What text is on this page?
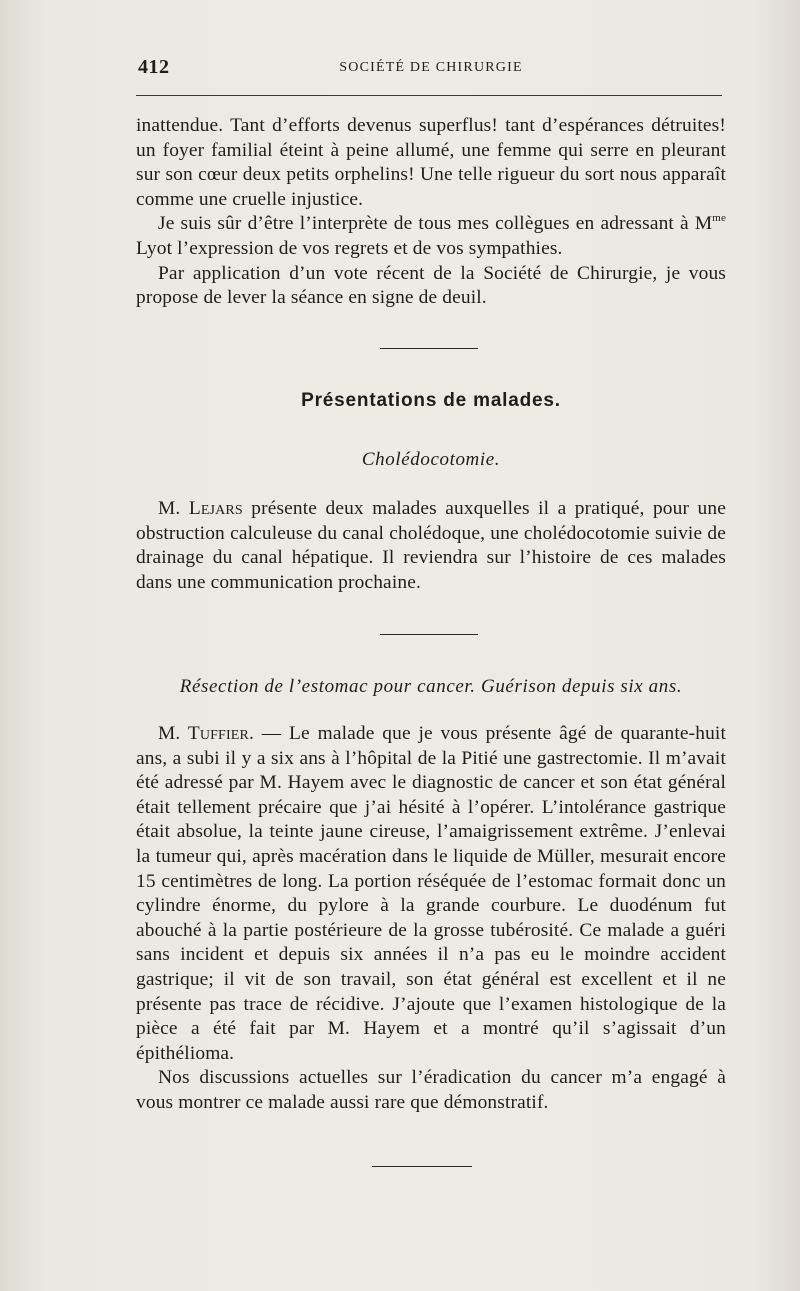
412	SOCIÉTÉ DE CHIRURGIE

inattendue. Tant d’efforts devenus superflus! tant d’espérances détruites! un foyer familial éteint à peine allumé, une femme qui serre en pleurant sur son cœur deux petits orphelins! Une telle rigueur du sort nous apparaît comme une cruelle injustice.

Je suis sûr d’être l’interprète de tous mes collègues en adressant à $M^{me}$ Lyot l’expression de vos regrets et de vos sympathies.

Par application d’un vote récent de la Société de Chirurgie, je vous propose de lever la séance en signe de deuil.

Présentations de malades.
Cholédocotomie.

M. Lejars présente deux malades auxquelles il a pratiqué, pour une obstruction calculeuse du canal cholédoque, une cholédocotomie suivie de drainage du canal hépatique. Il reviendra sur l’histoire de ces malades dans une communication prochaine.

Résection de l’estomac pour cancer. Guérison depuis six ans.

M. Tuffier. — Le malade que je vous présente âgé de quarante-huit ans, a subi il y a six ans à l’hôpital de la Pitié une gastrectomie. Il m’avait été adressé par M. Hayem avec le diagnostic de cancer et son état général était tellement précaire que j’ai hésité à l’opérer. L’intolérance gastrique était absolue, la teinte jaune cireuse, l’amaigrissement extrême. J’enlevai la tumeur qui, après macération dans le liquide de Müller, mesurait encore 15 centimètres de long. La portion réséquée de l’estomac formait donc un cylindre énorme, du pylore à la grande courbure. Le duodénum fut abouché à la partie postérieure de la grosse tubérosité. Ce malade a guéri sans incident et depuis six années il n’a pas eu le moindre accident gastrique; il vit de son travail, son état général est excellent et il ne présente pas trace de récidive. J’ajoute que l’examen histologique de la pièce a été fait par M. Hayem et a montré qu’il s’agissait d’un épithélioma.

Nos discussions actuelles sur l’éradication du cancer m’a engagé à vous montrer ce malade aussi rare que démonstratif.
